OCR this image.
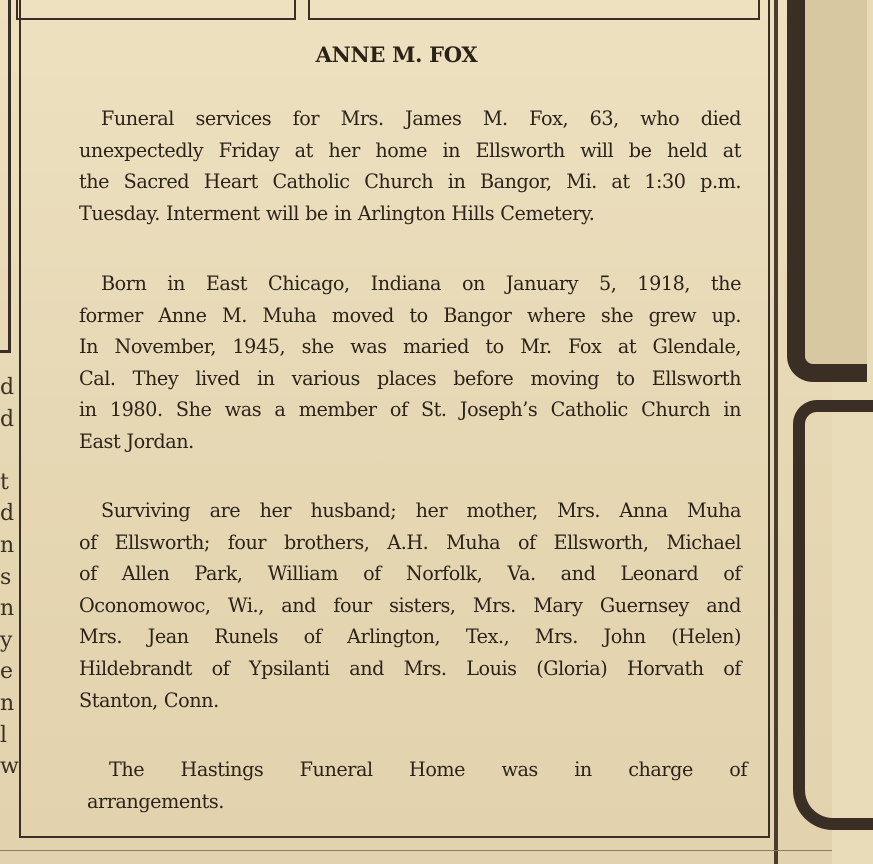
d
d
t
d
n
s
n
y
e
n
l
w
ANNE M. FOX
Funeral services for Mrs. James M. Fox, 63, who died
unexpectedly Friday at her home in Ellsworth will be held at
the Sacred Heart Catholic Church in Bangor, Mi. at 1:30 p.m.
Tuesday. Interment will be in Arlington Hills Cemetery.
Born in East Chicago, Indiana on January 5, 1918, the
former Anne M. Muha moved to Bangor where she grew up.
In November, 1945, she was maried to Mr. Fox at Glendale,
Cal. They lived in various places before moving to Ellsworth
in 1980. She was a member of St. Joseph’s Catholic Church in
East Jordan.
Surviving are her husband; her mother, Mrs. Anna Muha
of Ellsworth; four brothers, A.H. Muha of Ellsworth, Michael
of Allen Park, William of Norfolk, Va. and Leonard of
Oconomowoc, Wi., and four sisters, Mrs. Mary Guernsey and
Mrs. Jean Runels of Arlington, Tex., Mrs. John (Helen)
Hildebrandt of Ypsilanti and Mrs. Louis (Gloria) Horvath of
Stanton, Conn.
The Hastings Funeral Home was in charge of
arrangements.
